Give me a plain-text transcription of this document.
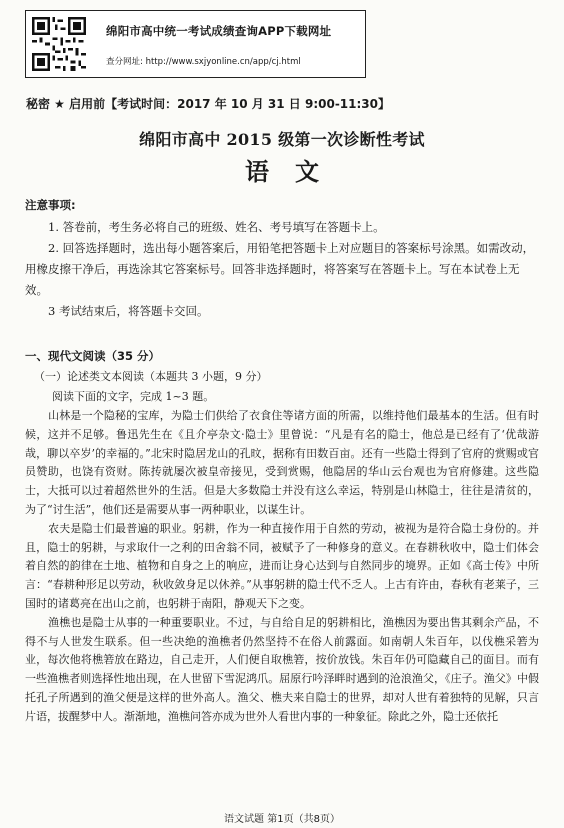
绵阳市高中统一考试成绩查询APP下载网址
查分网址: http://www.sxjyonline.cn/app/cj.html
秘密 ★ 启用前【考试时间：2017 年 10 月 31 日 9:00-11:30】
绵阳市高中 2015 级第一次诊断性考试
语文
注意事项:

1. 答卷前，考生务必将自己的班级、姓名、考号填写在答题卡上。

2. 回答选择题时，选出每小题答案后，用铅笔把答题卡上对应题目的答案标号涂黑。如需改动，用橡皮擦干净后，再选涂其它答案标号。回答非选择题时，将答案写在答题卡上。写在本试卷上无效。

3 考试结束后，将答题卡交回。

一、现代文阅读（35 分）
（一）论述类文本阅读（本题共 3 小题，9 分）
阅读下面的文字，完成 1~3 题。

山林是一个隐秘的宝库，为隐士们供给了衣食住等诸方面的所需，以维持他们最基本的生活。但有时候，这并不足够。鲁迅先生在《且介亭杂文·隐士》里曾说：“凡是有名的隐士，他总是已经有了‘优哉游哉，聊以卒岁’的幸福的。”北宋时隐居龙山的孔旼，据称有田数百亩。还有一些隐士得到了官府的赏赐或官员赞助，也饶有资财。陈抟就屡次被皇帝接见，受到赏赐，他隐居的华山云台观也为官府修建。这些隐士，大抵可以过着超然世外的生活。但是大多数隐士并没有这么幸运，特别是山林隐士，往往是清贫的，为了“讨生活”，他们还是需要从事一两种职业，以谋生计。

农夫是隐士们最普遍的职业。躬耕，作为一种直接作用于自然的劳动，被视为是符合隐士身份的。并且，隐士的躬耕，与求取什一之利的田舍翁不同，被赋予了一种修身的意义。在春耕秋收中，隐士们体会着自然的韵律在土地、植物和自身之上的响应，进而让身心达到与自然同步的境界。正如《高士传》中所言：“春耕种形足以劳动，秋收敛身足以休养。”从事躬耕的隐士代不乏人。上古有许由，春秋有老莱子，三国时的诸葛亮在出山之前，也躬耕于南阳，静观天下之变。

渔樵也是隐士从事的一种重要职业。不过，与自给自足的躬耕相比，渔樵因为要出售其剩余产品，不得不与人世发生联系。但一些决绝的渔樵者仍然坚持不在俗人前露面。如南朝人朱百年，以伐樵采箬为业，每次他将樵箬放在路边，自己走开，人们便自取樵箬，按价放钱。朱百年仍可隐藏自己的面目。而有一些渔樵者则选择性地出现，在人世留下雪泥鸿爪。屈原行吟泽畔时遇到的沧浪渔父，《庄子。渔父》中假托孔子所遇到的渔父便是这样的世外高人。渔父、樵夫来自隐士的世界，却对人世有着独特的见解，只言片语，拔醒梦中人。渐渐地，渔樵问答亦成为世外人看世内事的一种象征。除此之外，隐士还依托

语文试题 第1页（共8页）
